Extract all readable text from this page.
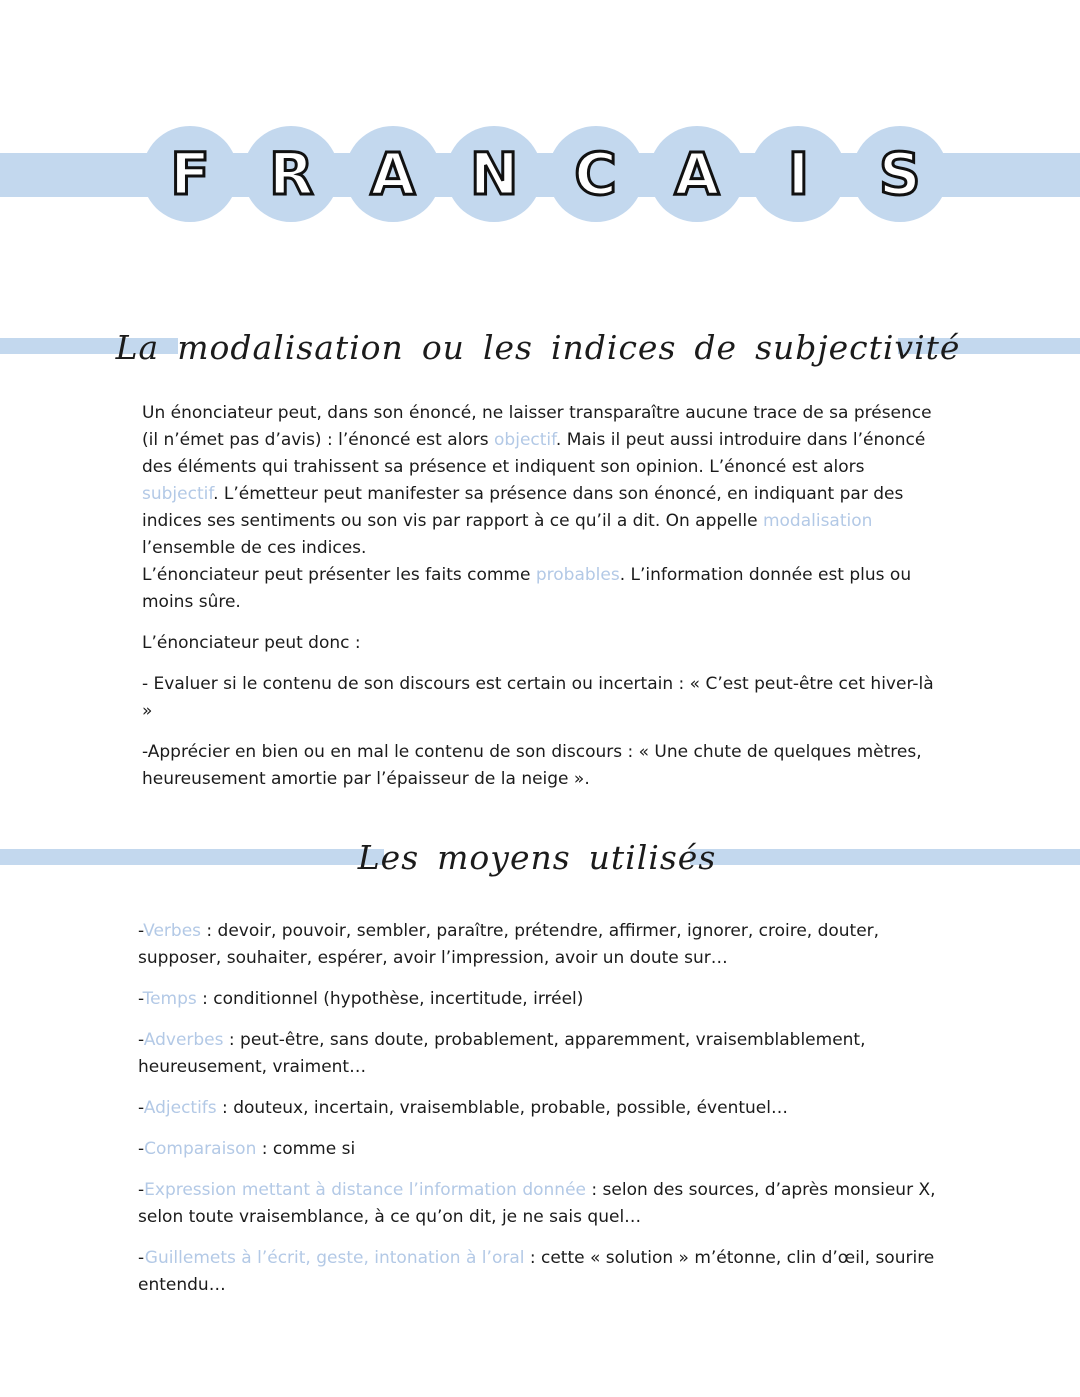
F	R A N C A	I	S
La modalisation ou les indices de subjectivité

Un énonciateur peut, dans son énoncé, ne laisser transparaître aucune trace de sa présence (il n’émet pas d’avis) : l’énoncé est alors objectif. Mais il peut aussi introduire dans l’énoncé des éléments qui trahissent sa présence et indiquent son opinion. L’énoncé est alors subjectif. L’émetteur peut manifester sa présence dans son énoncé, en indiquant par des indices ses sentiments ou son vis par rapport à ce qu’il a dit. On appelle modalisation l’ensemble de ces indices.

L’énonciateur peut présenter les faits comme probables. L’information donnée est plus ou moins sûre.

L’énonciateur peut donc :

- Evaluer si le contenu de son discours est certain ou incertain : « C’est peut-être cet hiver-là »

-Apprécier en bien ou en mal le contenu de son discours : « Une chute de quelques mètres, heureusement amortie par l’épaisseur de la neige ».

Les moyens utilisés

-Verbes : devoir, pouvoir, sembler, paraître, prétendre, affirmer, ignorer, croire, douter, supposer, souhaiter, espérer, avoir l’impression, avoir un doute sur…

-Temps : conditionnel (hypothèse, incertitude, irréel)

-Adverbes : peut-être, sans doute, probablement, apparemment, vraisemblablement, heureusement, vraiment…

-Adjectifs : douteux, incertain, vraisemblable, probable, possible, éventuel…

-Comparaison : comme si

-Expression mettant à distance l’information donnée : selon des sources, d’après monsieur X, selon toute vraisemblance, à ce qu’on dit, je ne sais quel…

-Guillemets à l’écrit, geste, intonation à l’oral : cette « solution » m’étonne, clin d’œil, sourire entendu…
